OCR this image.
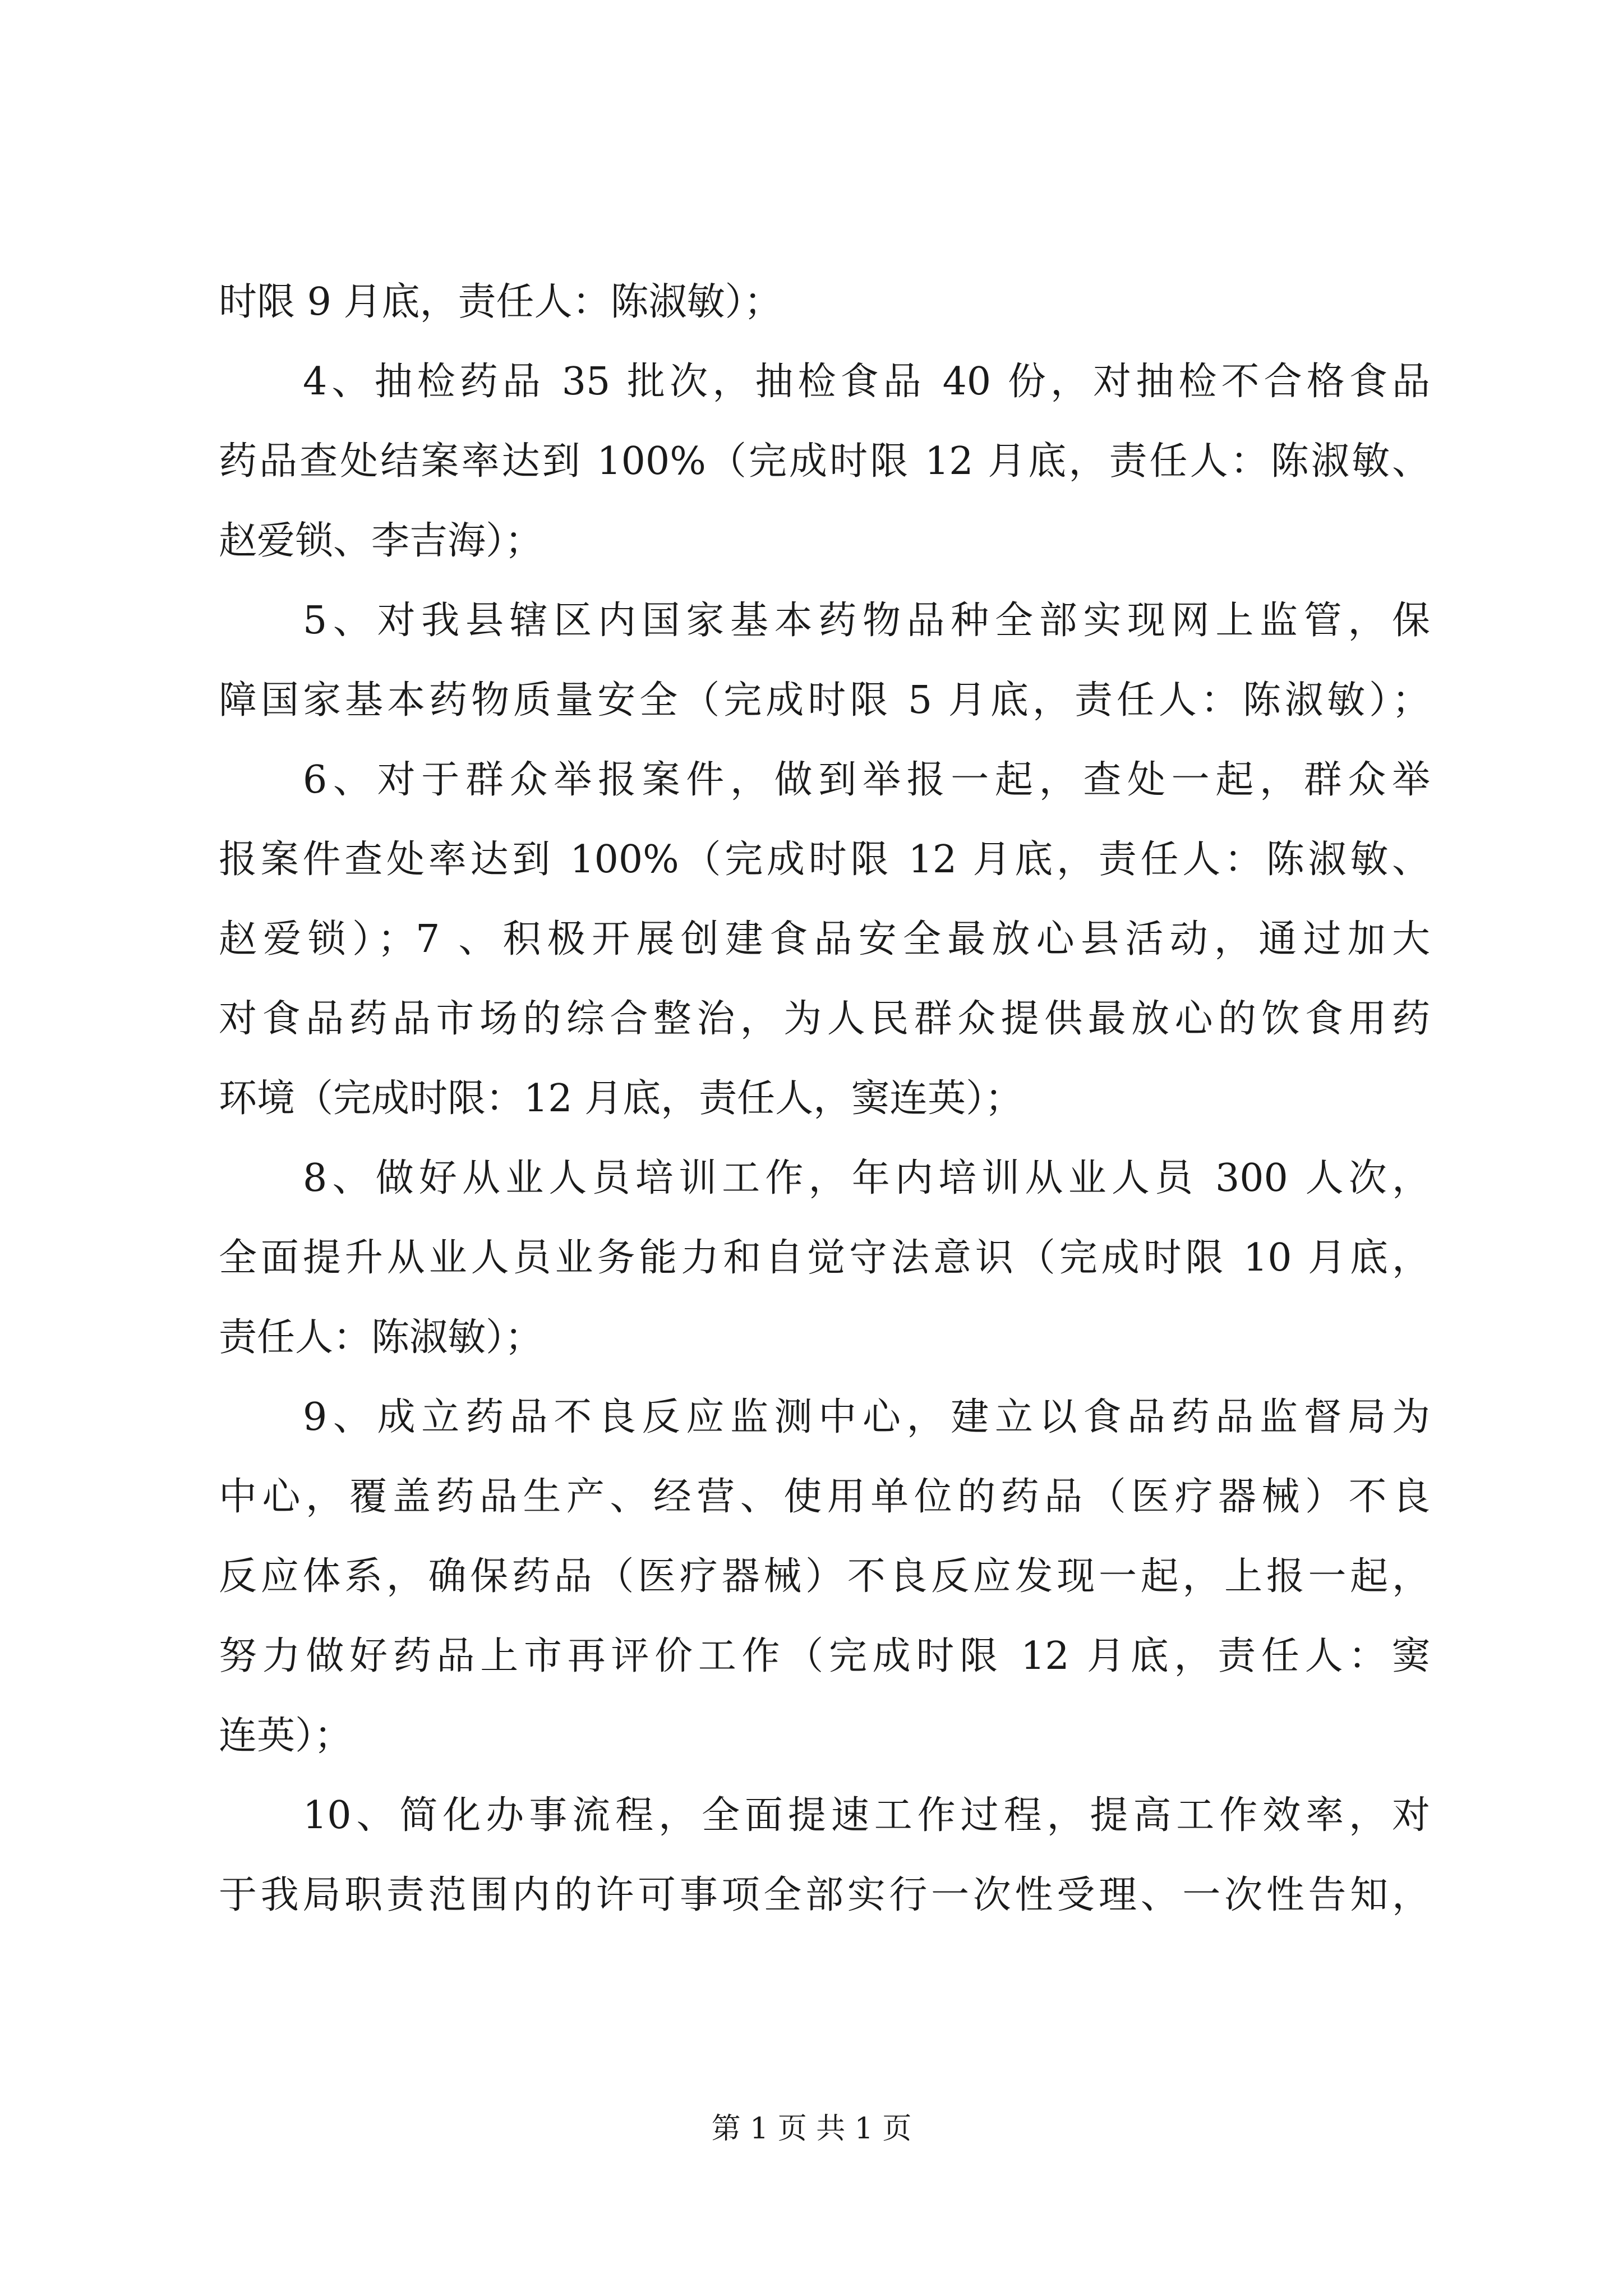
时限 9 月底，责任人：陈淑敏）；
4、抽检药品 35 批次，抽检食品 40 份，对抽检不合格食品
药品查处结案率达到 100%（完成时限 12 月底，责任人：陈淑敏、
赵爱锁、李吉海）；
5、对我县辖区内国家基本药物品种全部实现网上监管，保
障国家基本药物质量安全（完成时限 5 月底，责任人：陈淑敏）；
6、对于群众举报案件，做到举报一起，查处一起，群众举
报案件查处率达到 100%（完成时限 12 月底，责任人：陈淑敏、
赵爱锁）；7 、积极开展创建食品安全最放心县活动，通过加大
对食品药品市场的综合整治，为人民群众提供最放心的饮食用药
环境（完成时限：12 月底，责任人，窦连英）；
8、做好从业人员培训工作，年内培训从业人员 300 人次，
全面提升从业人员业务能力和自觉守法意识（完成时限 10 月底，
责任人：陈淑敏）；
9、成立药品不良反应监测中心，建立以食品药品监督局为
中心，覆盖药品生产、经营、使用单位的药品（医疗器械）不良
反应体系，确保药品（医疗器械）不良反应发现一起，上报一起，
努力做好药品上市再评价工作（完成时限 12 月底，责任人：窦
连英）；
10、简化办事流程，全面提速工作过程，提高工作效率，对
于我局职责范围内的许可事项全部实行一次性受理、一次性告知，
第 1 页 共 1 页
